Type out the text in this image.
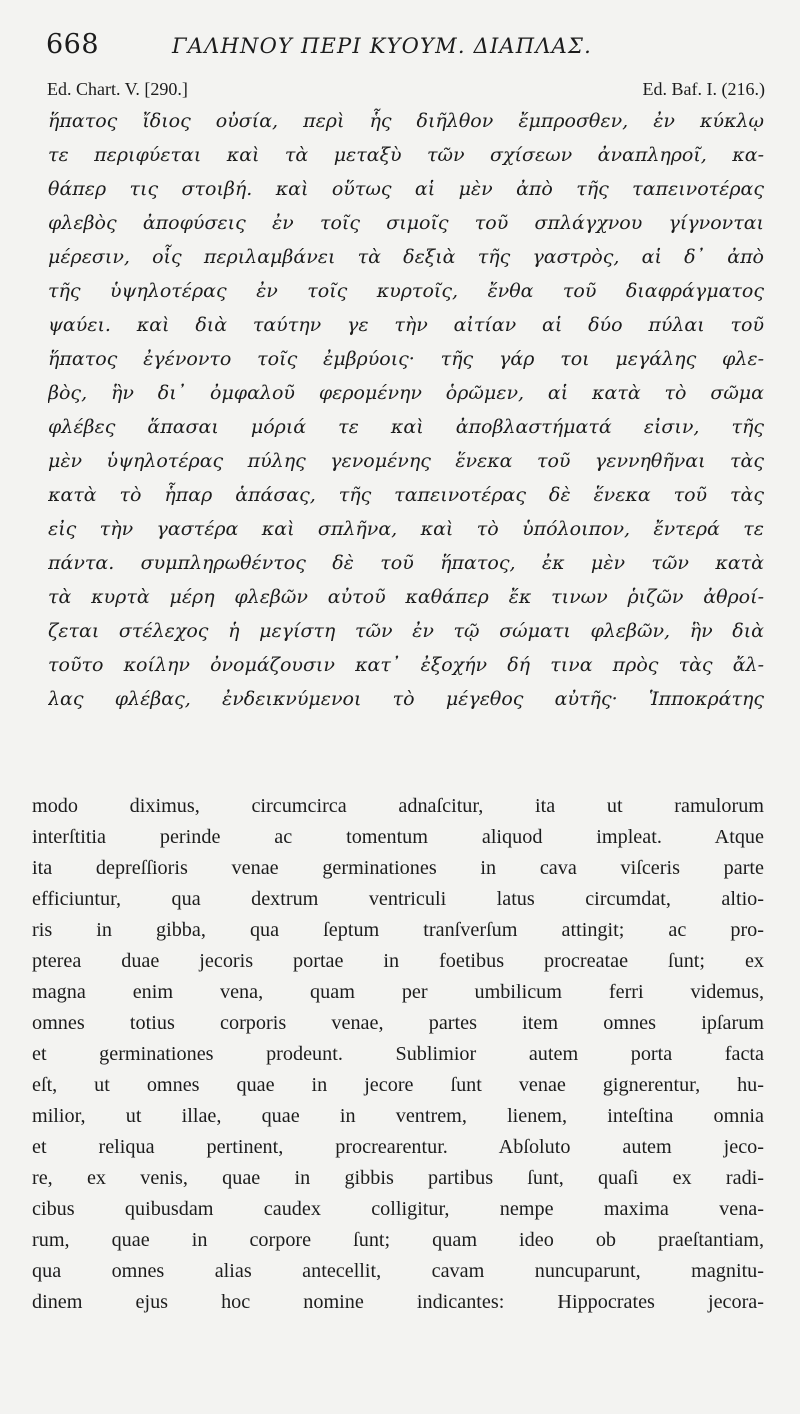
668	ΓΑΛΗΝΟΥ ΠΕΡΙ ΚΥΟΥΜ. ΔΙΑΠΛΑΣ.
Ed. Chart. V. [290.]	Ed. Baf. I. (216.)
ἥπατος ἴδιος οὐσία, περὶ ἧς διῆλθον ἔμπροσθεν, ἐν κύκλῳ
τε περιφύεται καὶ τὰ μεταξὺ τῶν σχίσεων ἀναπληροῖ, κα-
θάπερ τις στοιβή. καὶ οὕτως αἱ μὲν ἀπὸ τῆς ταπεινοτέρας
φλεβὸς ἀποφύσεις ἐν τοῖς σιμοῖς τοῦ σπλάγχνου γίγνονται
μέρεσιν, οἷς περιλαμβάνει τὰ δεξιὰ τῆς γαστρὸς, αἱ δ᾽ ἀπὸ
τῆς ὑψηλοτέρας ἐν τοῖς κυρτοῖς, ἔνθα τοῦ διαφράγματος
ψαύει. καὶ διὰ ταύτην γε τὴν αἰτίαν αἱ δύο πύλαι τοῦ
ἥπατος ἐγένοντο τοῖς ἐμβρύοις· τῆς γάρ τοι μεγάλης φλε-
βὸς, ἣν δι᾽ ὀμφαλοῦ φερομένην ὁρῶμεν, αἱ κατὰ τὸ σῶμα
φλέβες ἅπασαι μόριά τε καὶ ἀποβλαστήματά εἰσιν, τῆς
μὲν ὑψηλοτέρας πύλης γενομένης ἕνεκα τοῦ γεννηθῆναι τὰς
κατὰ τὸ ἧπαρ ἁπάσας, τῆς ταπεινοτέρας δὲ ἕνεκα τοῦ τὰς
εἰς τὴν γαστέρα καὶ σπλῆνα, καὶ τὸ ὑπόλοιπον, ἔντερά τε
πάντα. συμπληρωθέντος δὲ τοῦ ἥπατος, ἐκ μὲν τῶν κατὰ
τὰ κυρτὰ μέρη φλεβῶν αὐτοῦ καθάπερ ἔκ τινων ῥιζῶν ἀθροί-
ζεται στέλεχος ἡ μεγίστη τῶν ἐν τῷ σώματι φλεβῶν, ἣν διὰ
τοῦτο κοίλην ὀνομάζουσιν κατ᾽ ἐξοχήν δή τινα πρὸς τὰς ἄλ-
λας φλέβας, ἐνδεικνύμενοι τὸ μέγεθος αὐτῆς· Ἱπποκράτης
modo diximus, circumcirca adnaſcitur, ita ut ramulorum
interſtitia perinde ac tomentum aliquod impleat. Atque
ita depreſſioris venae germinationes in cava viſceris parte
efficiuntur, qua dextrum ventriculi latus circumdat, altio-
ris in gibba, qua ſeptum tranſverſum attingit; ac pro-
pterea duae jecoris portae in foetibus procreatae ſunt; ex
magna enim vena, quam per umbilicum ferri videmus,
omnes totius corporis venae, partes item omnes ipſarum
et germinationes prodeunt. Sublimior autem porta facta
eſt, ut omnes quae in jecore ſunt venae gignerentur, hu-
milior, ut illae, quae in ventrem, lienem, inteſtina omnia
et reliqua pertinent, procrearentur. Abſoluto autem jeco-
re, ex venis, quae in gibbis partibus ſunt, quaſi ex radi-
cibus quibusdam caudex colligitur, nempe maxima vena-
rum, quae in corpore ſunt; quam ideo ob praeſtantiam,
qua omnes alias antecellit, cavam nuncuparunt, magnitu-
dinem ejus hoc nomine indicantes: Hippocrates jecora-
